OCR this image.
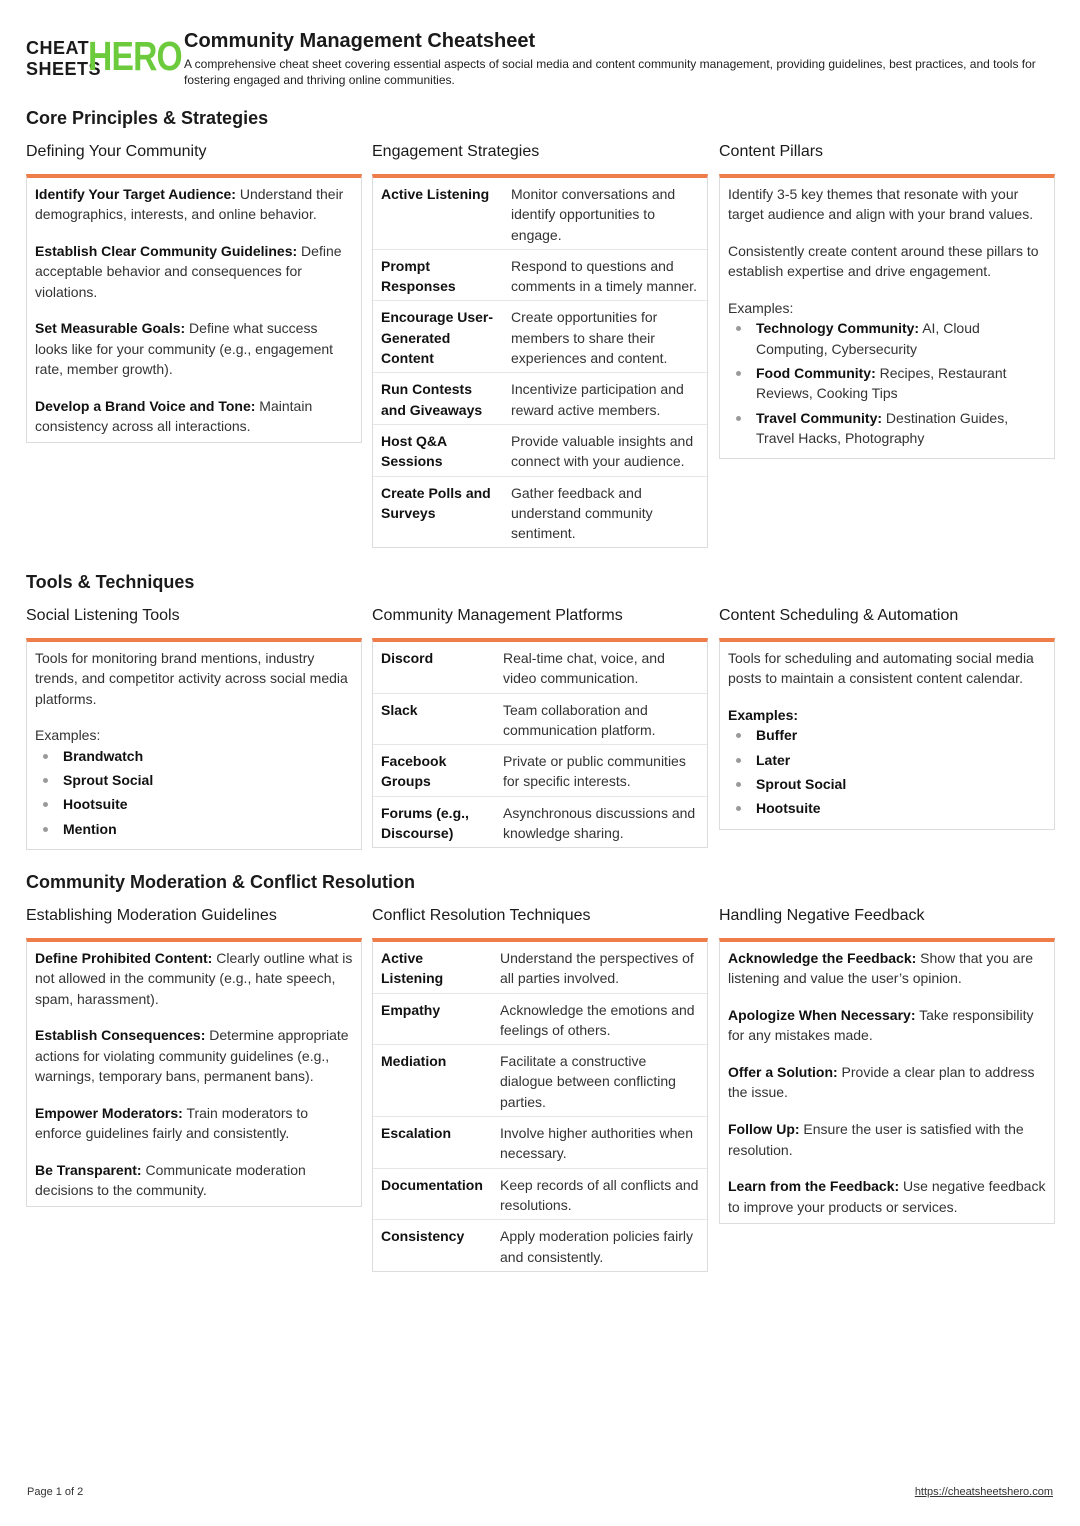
CHEAT
SHEETS
HERO Community Management Cheatsheet
A comprehensive cheat sheet covering essential aspects of social media and content community management, providing guidelines, best practices, and tools for fostering engaged and thriving online communities.
Core Principles & Strategies
Defining Your Community
Identify Your Target Audience: Understand their demographics, interests, and online behavior.
Establish Clear Community Guidelines: Define acceptable behavior and consequences for violations.
Set Measurable Goals: Define what success looks like for your community (e.g., engagement rate, member growth).
Develop a Brand Voice and Tone: Maintain consistency across all interactions.
Engagement Strategies
Active Listening	Monitor conversations and identify opportunities to engage.
Prompt Responses	Respond to questions and comments in a timely manner.
Encourage User-Generated Content	Create opportunities for members to share their experiences and content.
Run Contests and Giveaways	Incentivize participation and reward active members.
Host Q&A Sessions	Provide valuable insights and connect with your audience.
Create Polls and Surveys	Gather feedback and understand community sentiment.
Content Pillars
Identify 3-5 key themes that resonate with your target audience and align with your brand values.
Consistently create content around these pillars to establish expertise and drive engagement.
Examples:
Technology Community: AI, Cloud Computing, Cybersecurity
Food Community: Recipes, Restaurant Reviews, Cooking Tips
Travel Community: Destination Guides, Travel Hacks, Photography
Tools & Techniques
Social Listening Tools
Tools for monitoring brand mentions, industry trends, and competitor activity across social media platforms.
Examples:
Brandwatch
Sprout Social
Hootsuite
Mention
Community Management Platforms
Discord	Real-time chat, voice, and video communication.
Slack	Team collaboration and communication platform.
Facebook Groups	Private or public communities for specific interests.
Forums (e.g., Discourse)	Asynchronous discussions and knowledge sharing.
Content Scheduling & Automation
Tools for scheduling and automating social media posts to maintain a consistent content calendar.
Examples:
Buffer
Later
Sprout Social
Hootsuite
Community Moderation & Conflict Resolution
Establishing Moderation Guidelines
Define Prohibited Content: Clearly outline what is not allowed in the community (e.g., hate speech, spam, harassment).
Establish Consequences: Determine appropriate actions for violating community guidelines (e.g., warnings, temporary bans, permanent bans).
Empower Moderators: Train moderators to enforce guidelines fairly and consistently.
Be Transparent: Communicate moderation decisions to the community.
Conflict Resolution Techniques
Active Listening	Understand the perspectives of all parties involved.
Empathy	Acknowledge the emotions and feelings of others.
Mediation	Facilitate a constructive dialogue between conflicting parties.
Escalation	Involve higher authorities when necessary.
Documentation	Keep records of all conflicts and resolutions.
Consistency	Apply moderation policies fairly and consistently.
Handling Negative Feedback
Acknowledge the Feedback: Show that you are listening and value the user’s opinion.
Apologize When Necessary: Take responsibility for any mistakes made.
Offer a Solution: Provide a clear plan to address the issue.
Follow Up: Ensure the user is satisfied with the resolution.
Learn from the Feedback: Use negative feedback to improve your products or services.
Page 1 of 2	https://cheatsheetshero.com
